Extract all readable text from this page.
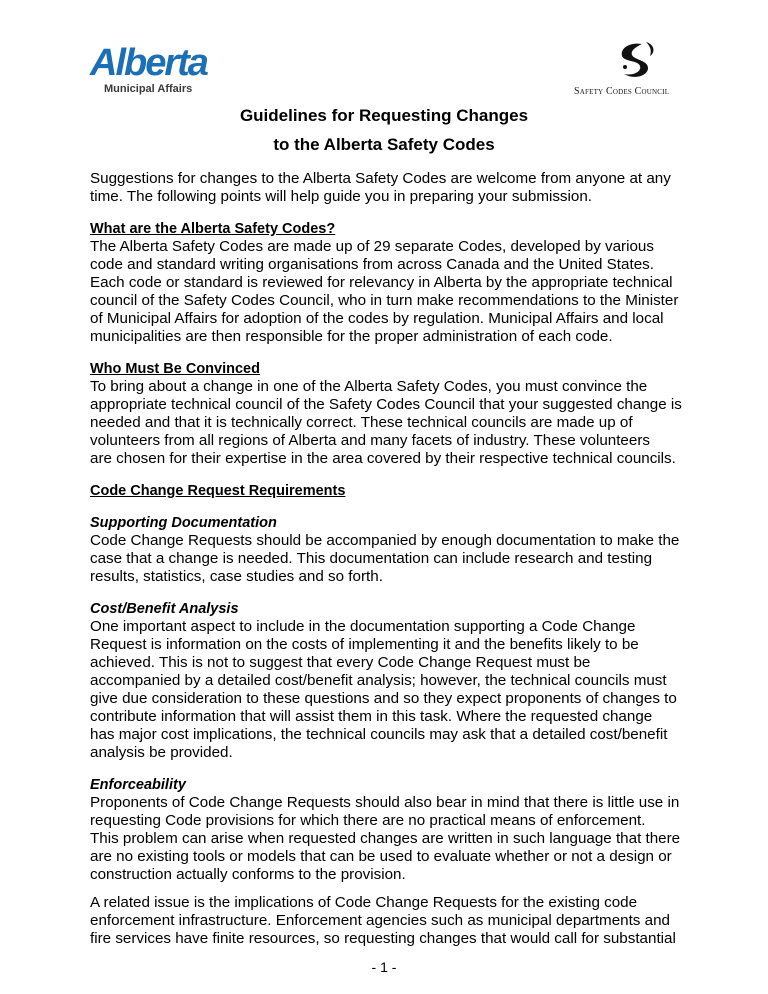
Alberta
Municipal Affairs	Safety Codes Council
Guidelines for Requesting Changes
to the Alberta Safety Codes

Suggestions for changes to the Alberta Safety Codes are welcome from anyone at any

time. The following points will help guide you in preparing your submission.

What are the Alberta Safety Codes?

The Alberta Safety Codes are made up of 29 separate Codes, developed by various

code and standard writing organisations from across Canada and the United States.

Each code or standard is reviewed for relevancy in Alberta by the appropriate technical

council of the Safety Codes Council, who in turn make recommendations to the Minister

of Municipal Affairs for adoption of the codes by regulation. Municipal Affairs and local

municipalities are then responsible for the proper administration of each code.

Who Must Be Convinced

To bring about a change in one of the Alberta Safety Codes, you must convince the

appropriate technical council of the Safety Codes Council that your suggested change is

needed and that it is technically correct. These technical councils are made up of

volunteers from all regions of Alberta and many facets of industry. These volunteers

are chosen for their expertise in the area covered by their respective technical councils.

Code Change Request Requirements

Supporting Documentation

Code Change Requests should be accompanied by enough documentation to make the

case that a change is needed. This documentation can include research and testing

results, statistics, case studies and so forth.

Cost/Benefit Analysis

One important aspect to include in the documentation supporting a Code Change

Request is information on the costs of implementing it and the benefits likely to be

achieved. This is not to suggest that every Code Change Request must be

accompanied by a detailed cost/benefit analysis; however, the technical councils must

give due consideration to these questions and so they expect proponents of changes to

contribute information that will assist them in this task. Where the requested change

has major cost implications, the technical councils may ask that a detailed cost/benefit

analysis be provided.

Enforceability

Proponents of Code Change Requests should also bear in mind that there is little use in

requesting Code provisions for which there are no practical means of enforcement.

This problem can arise when requested changes are written in such language that there

are no existing tools or models that can be used to evaluate whether or not a design or

construction actually conforms to the provision.

A related issue is the implications of Code Change Requests for the existing code

enforcement infrastructure. Enforcement agencies such as municipal departments and

fire services have finite resources, so requesting changes that would call for substantial

- 1 -
